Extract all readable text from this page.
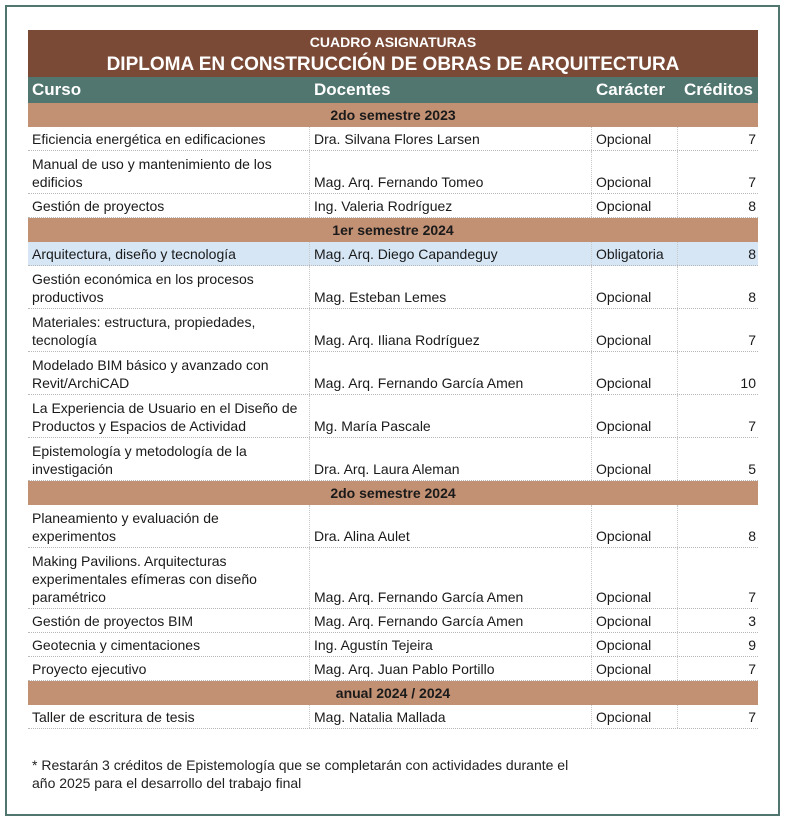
CUADRO ASIGNATURAS
DIPLOMA EN CONSTRUCCIÓN DE OBRAS DE ARQUITECTURA
Curso	Docentes	Carácter	Créditos
2do semestre 2023
Eficiencia energética en edificaciones	Dra. Silvana Flores Larsen	Opcional	7
Manual de uso y mantenimiento de los edificios	Mag. Arq. Fernando Tomeo	Opcional	7
Gestión de proyectos	Ing. Valeria Rodríguez	Opcional	8
1er semestre 2024
Arquitectura, diseño y tecnología	Mag. Arq. Diego Capandeguy	Obligatoria	8
Gestión económica en los procesos productivos	Mag. Esteban Lemes	Opcional	8
Materiales: estructura, propiedades, tecnología	Mag. Arq. Iliana Rodríguez	Opcional	7
Modelado BIM básico y avanzado con Revit/ArchiCAD	Mag. Arq. Fernando García Amen	Opcional	10
La Experiencia de Usuario en el Diseño de Productos y Espacios de Actividad	Mg. María Pascale	Opcional	7
Epistemología y metodología de la investigación	Dra. Arq. Laura Aleman	Opcional	5
2do semestre 2024
Planeamiento y evaluación de experimentos	Dra. Alina Aulet	Opcional	8
Making Pavilions. Arquitecturas experimentales efímeras con diseño paramétrico	Mag. Arq. Fernando García Amen	Opcional	7
Gestión de proyectos BIM	Mag. Arq. Fernando García Amen	Opcional	3
Geotecnia y cimentaciones	Ing. Agustín Tejeira	Opcional	9
Proyecto ejecutivo	Mag. Arq. Juan Pablo Portillo	Opcional	7
anual 2024 / 2024
Taller de escritura de tesis	Mag. Natalia Mallada	Opcional	7
* Restarán 3 créditos de Epistemología que se completarán con actividades durante el año 2025 para el desarrollo del trabajo final
